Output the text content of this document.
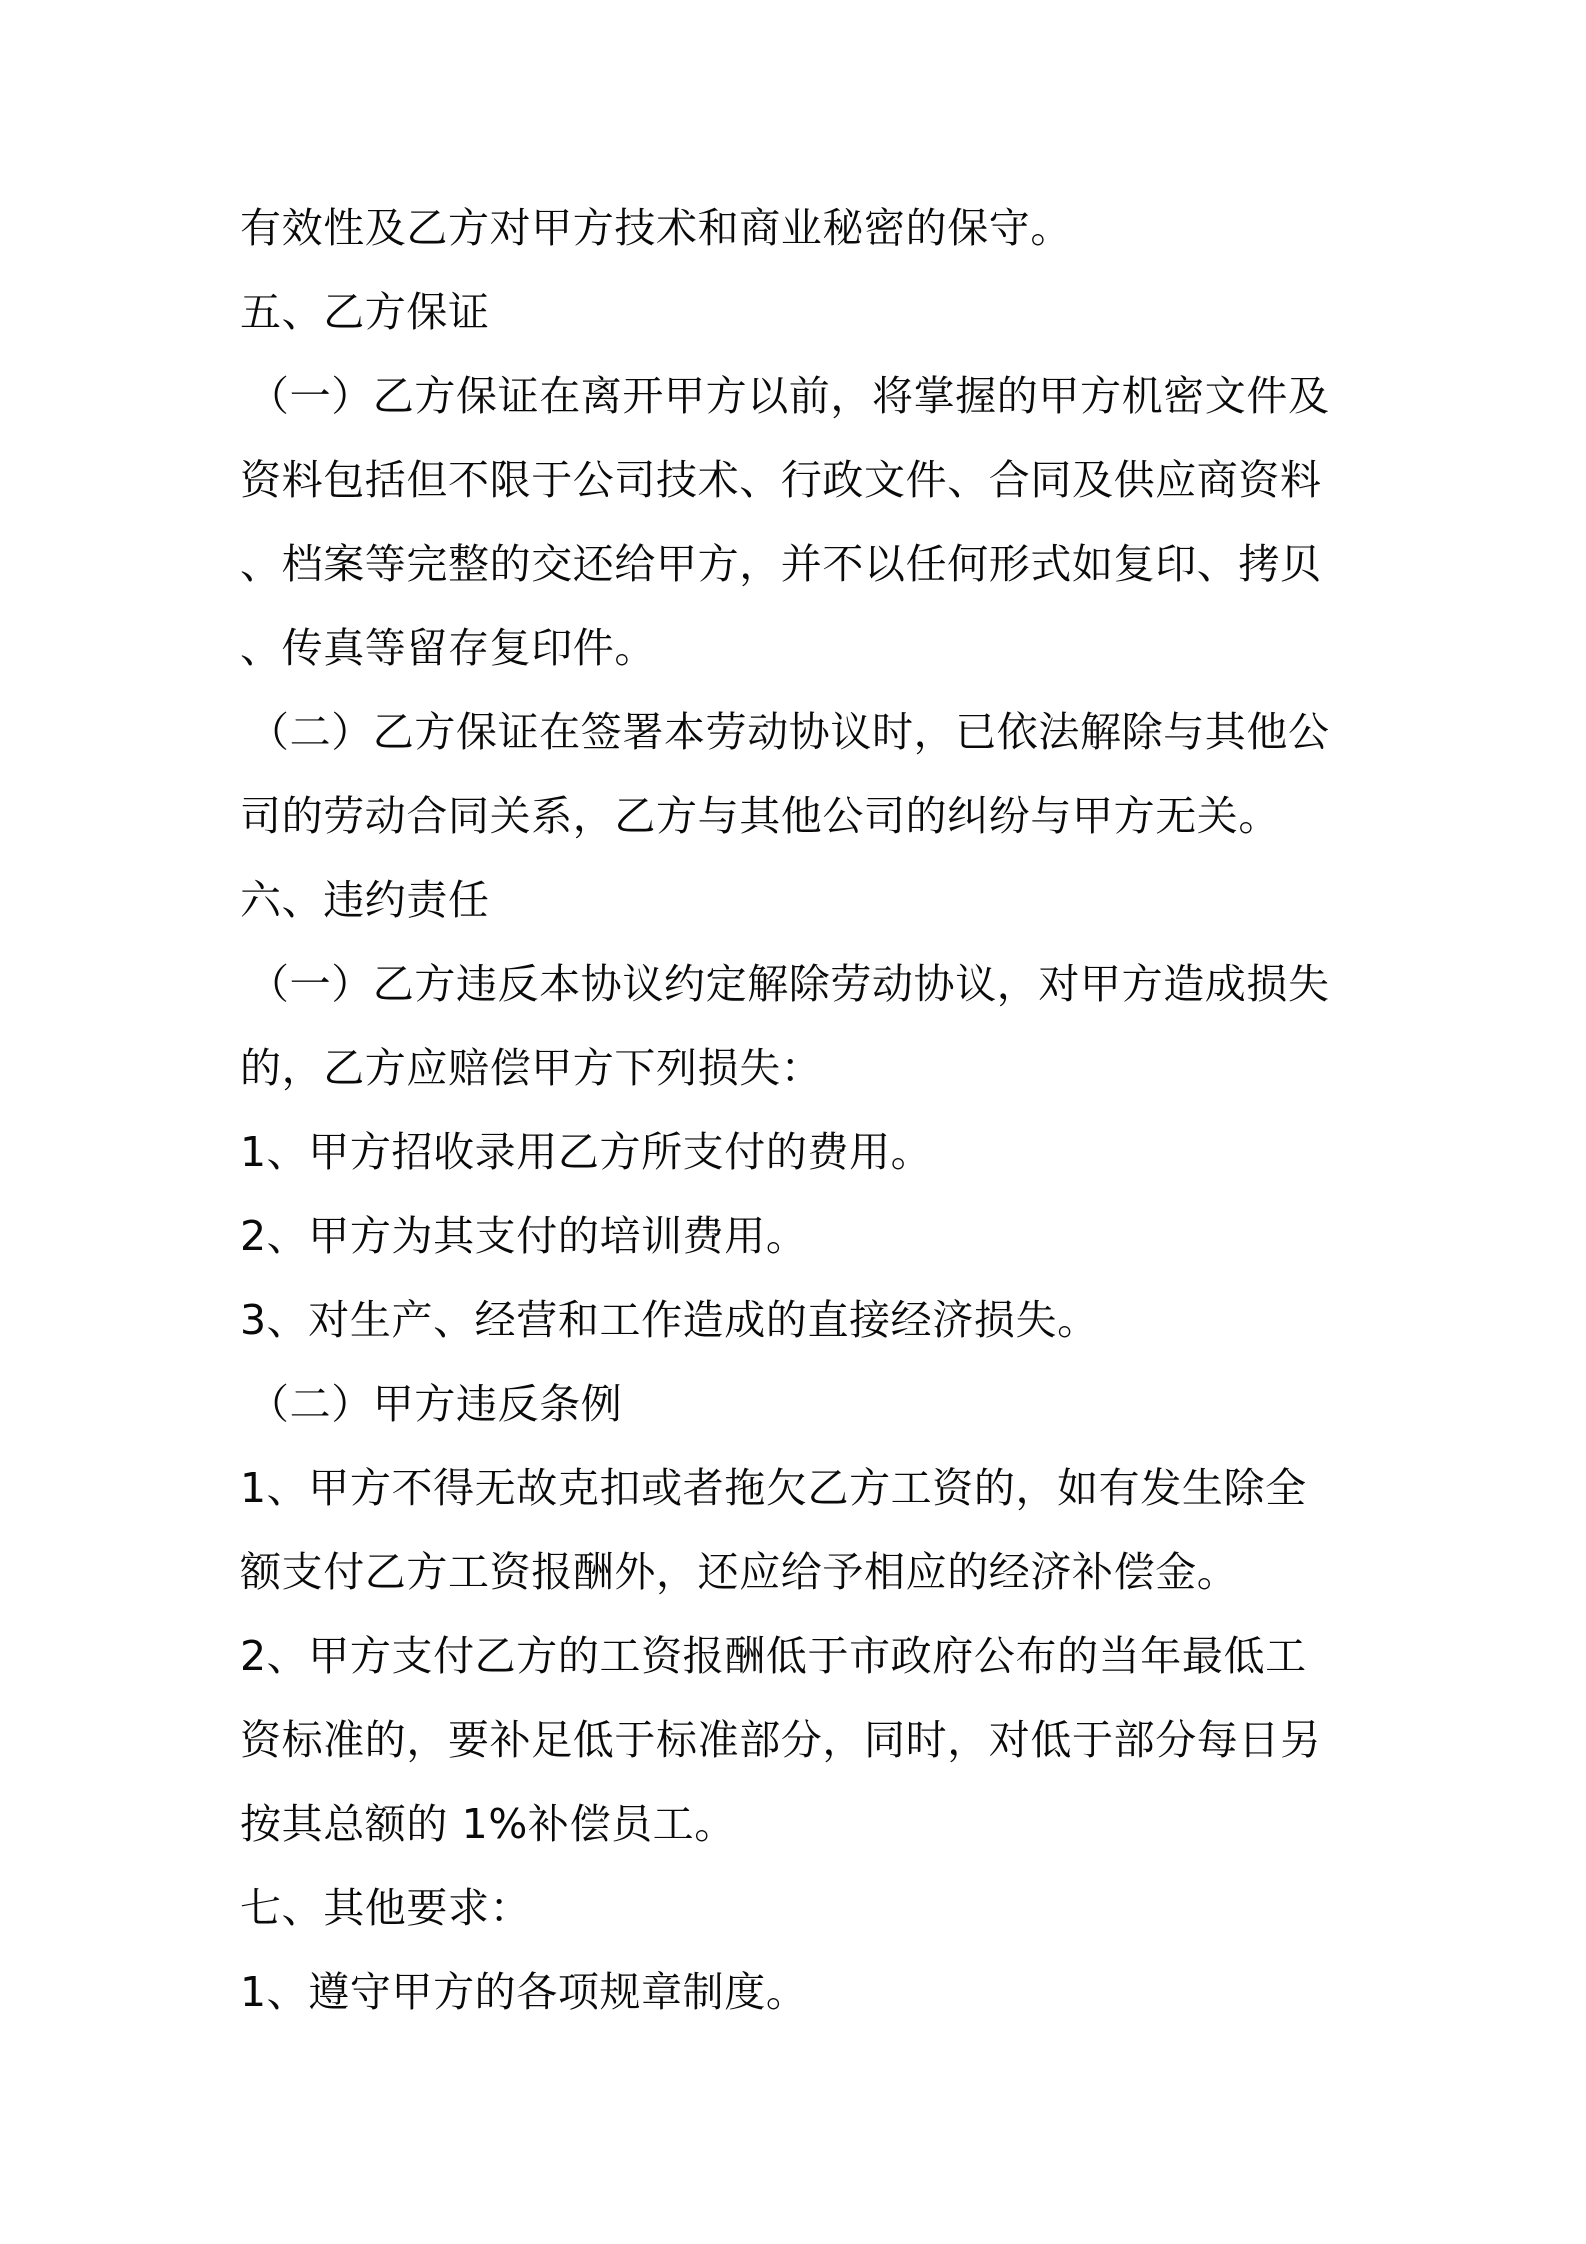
有效性及乙方对甲方技术和商业秘密的保守。
五、乙方保证
（一）乙方保证在离开甲方以前，将掌握的甲方机密文件及
资料包括但不限于公司技术、行政文件、合同及供应商资料
、档案等完整的交还给甲方，并不以任何形式如复印、拷贝
、传真等留存复印件。
（二）乙方保证在签署本劳动协议时，已依法解除与其他公
司的劳动合同关系，乙方与其他公司的纠纷与甲方无关。
六、违约责任
（一）乙方违反本协议约定解除劳动协议，对甲方造成损失
的，乙方应赔偿甲方下列损失：
1、甲方招收录用乙方所支付的费用。
2、甲方为其支付的培训费用。
3、对生产、经营和工作造成的直接经济损失。
（二）甲方违反条例
1、甲方不得无故克扣或者拖欠乙方工资的，如有发生除全
额支付乙方工资报酬外，还应给予相应的经济补偿金。
2、甲方支付乙方的工资报酬低于市政府公布的当年最低工
资标准的，要补足低于标准部分，同时，对低于部分每日另
按其总额的 1%补偿员工。
七、其他要求：
1、遵守甲方的各项规章制度。
